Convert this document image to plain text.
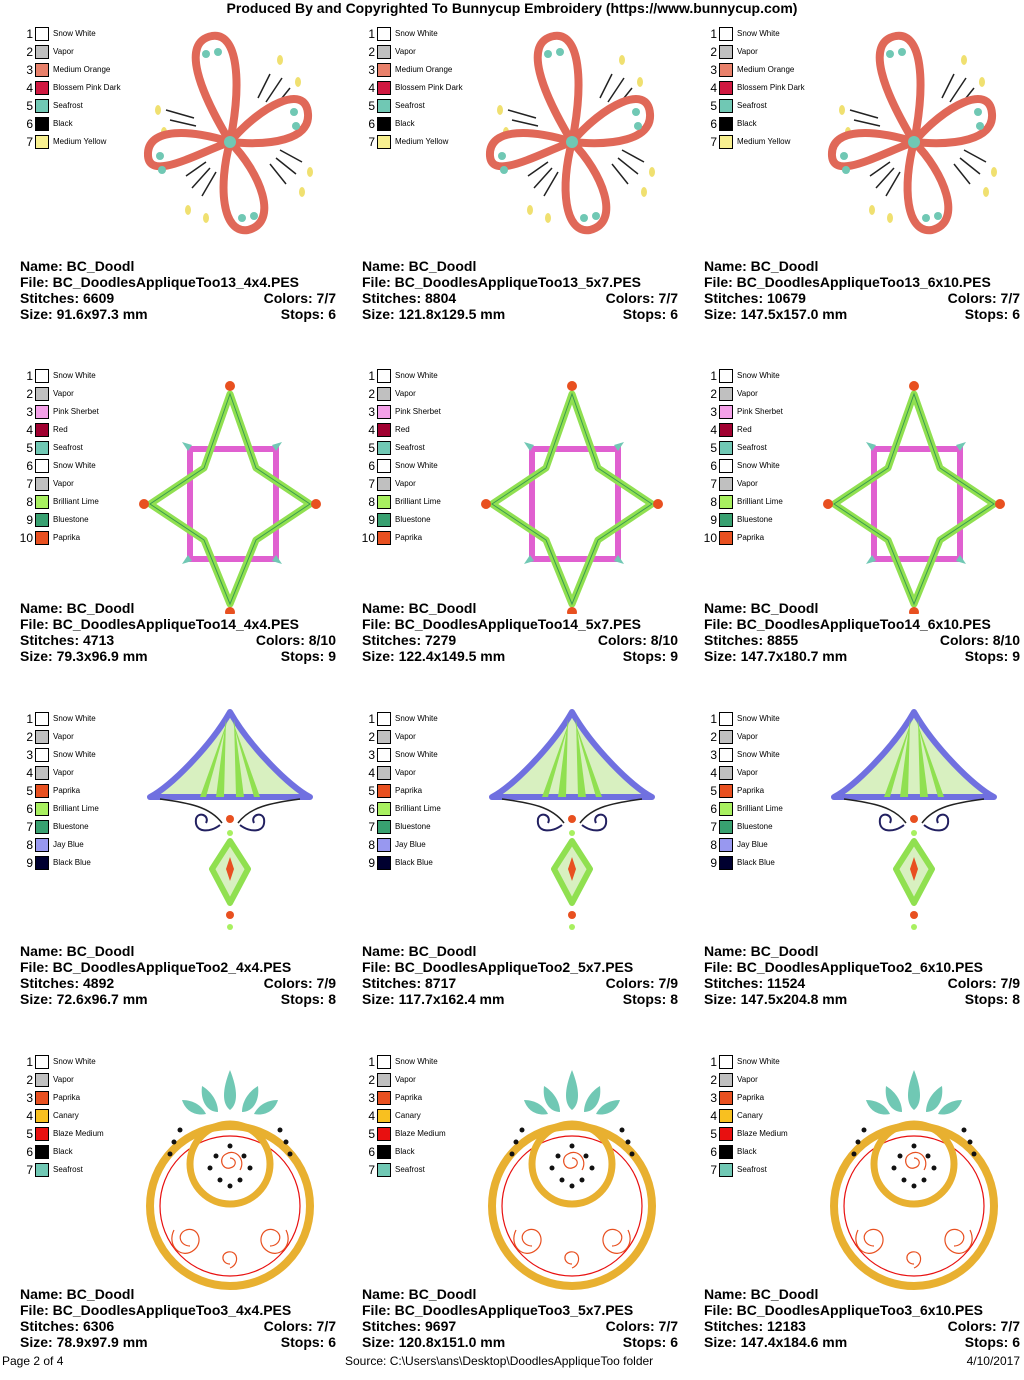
Produced By and Copyrighted To Bunnycup Embroidery (https://www.bunnycup.com)
1	Snow White
2	Vapor
3	Medium Orange
4	Blossem Pink Dark
5	Seafrost
6	Black
7	Medium Yellow
Name: BC_Doodl
File: BC_DoodlesAppliqueToo13_4x4.PES
Stitches: 6609	Colors: 7/7
Size: 91.6x97.3 mm	Stops: 6
1	Snow White
2	Vapor
3	Medium Orange
4	Blossem Pink Dark
5	Seafrost
6	Black
7	Medium Yellow
Name: BC_Doodl
File: BC_DoodlesAppliqueToo13_5x7.PES
Stitches: 8804	Colors: 7/7
Size: 121.8x129.5 mm	Stops: 6
1	Snow White
2	Vapor
3	Medium Orange
4	Blossem Pink Dark
5	Seafrost
6	Black
7	Medium Yellow
Name: BC_Doodl
File: BC_DoodlesAppliqueToo13_6x10.PES
Stitches: 10679	Colors: 7/7
Size: 147.5x157.0 mm	Stops: 6
1	Snow White
2	Vapor
3	Pink Sherbet
4	Red
5	Seafrost
6	Snow White
7	Vapor
8	Brilliant Lime
9	Bluestone
10	Paprika
Name: BC_Doodl
File: BC_DoodlesAppliqueToo14_4x4.PES
Stitches: 4713	Colors: 8/10
Size: 79.3x96.9 mm	Stops: 9
1	Snow White
2	Vapor
3	Pink Sherbet
4	Red
5	Seafrost
6	Snow White
7	Vapor
8	Brilliant Lime
9	Bluestone
10	Paprika
Name: BC_Doodl
File: BC_DoodlesAppliqueToo14_5x7.PES
Stitches: 7279	Colors: 8/10
Size: 122.4x149.5 mm	Stops: 9
1	Snow White
2	Vapor
3	Pink Sherbet
4	Red
5	Seafrost
6	Snow White
7	Vapor
8	Brilliant Lime
9	Bluestone
10	Paprika
Name: BC_Doodl
File: BC_DoodlesAppliqueToo14_6x10.PES
Stitches: 8855	Colors: 8/10
Size: 147.7x180.7 mm	Stops: 9
1	Snow White
2	Vapor
3	Snow White
4	Vapor
5	Paprika
6	Brilliant Lime
7	Bluestone
8	Jay Blue
9	Black Blue
Name: BC_Doodl
File: BC_DoodlesAppliqueToo2_4x4.PES
Stitches: 4892	Colors: 7/9
Size: 72.6x96.7 mm	Stops: 8
1	Snow White
2	Vapor
3	Snow White
4	Vapor
5	Paprika
6	Brilliant Lime
7	Bluestone
8	Jay Blue
9	Black Blue
Name: BC_Doodl
File: BC_DoodlesAppliqueToo2_5x7.PES
Stitches: 8717	Colors: 7/9
Size: 117.7x162.4 mm	Stops: 8
1	Snow White
2	Vapor
3	Snow White
4	Vapor
5	Paprika
6	Brilliant Lime
7	Bluestone
8	Jay Blue
9	Black Blue
Name: BC_Doodl
File: BC_DoodlesAppliqueToo2_6x10.PES
Stitches: 11524	Colors: 7/9
Size: 147.5x204.8 mm	Stops: 8
1	Snow White
2	Vapor
3	Paprika
4	Canary
5	Blaze Medium
6	Black
7	Seafrost
Name: BC_Doodl
File: BC_DoodlesAppliqueToo3_4x4.PES
Stitches: 6306	Colors: 7/7
Size: 78.9x97.9 mm	Stops: 6
1	Snow White
2	Vapor
3	Paprika
4	Canary
5	Blaze Medium
6	Black
7	Seafrost
Name: BC_Doodl
File: BC_DoodlesAppliqueToo3_5x7.PES
Stitches: 9697	Colors: 7/7
Size: 120.8x151.0 mm	Stops: 6
1	Snow White
2	Vapor
3	Paprika
4	Canary
5	Blaze Medium
6	Black
7	Seafrost
Name: BC_Doodl
File: BC_DoodlesAppliqueToo3_6x10.PES
Stitches: 12183	Colors: 7/7
Size: 147.4x184.6 mm	Stops: 6
Page 2 of 4	Source: C:\Users\ans\Desktop\DoodlesAppliqueToo folder	4/10/2017
